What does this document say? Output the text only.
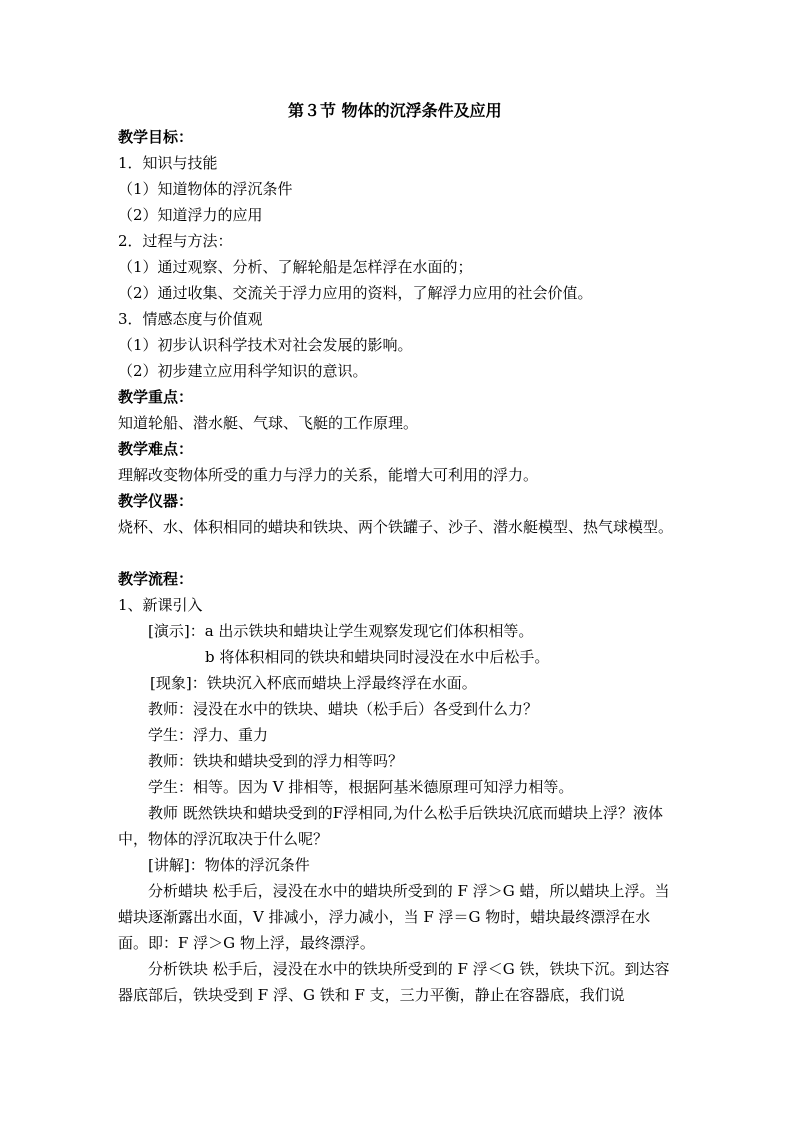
第３节 物体的沉浮条件及应用
教学目标：
1．知识与技能
（1）知道物体的浮沉条件
（2）知道浮力的应用
2．过程与方法：
（1）通过观察、分析、了解轮船是怎样浮在水面的；
（2）通过收集、交流关于浮力应用的资料，了解浮力应用的社会价值。
3．情感态度与价值观
（1）初步认识科学技术对社会发展的影响。
（2）初步建立应用科学知识的意识。
教学重点：
知道轮船、潜水艇、气球、飞艇的工作原理。
教学难点：
理解改变物体所受的重力与浮力的关系，能增大可利用的浮力。
教学仪器：
烧杯、水、体积相同的蜡块和铁块、两个铁罐子、沙子、潜水艇模型、热气球模型。
教学流程：
1、新课引入
[演示]：a 出示铁块和蜡块让学生观察发现它们体积相等。
b 将体积相同的铁块和蜡块同时浸没在水中后松手。
[现象]：铁块沉入杯底而蜡块上浮最终浮在水面。
教师：浸没在水中的铁块、蜡块（松手后）各受到什么力？
学生：浮力、重力
教师：铁块和蜡块受到的浮力相等吗？
学生：相等。因为 V 排相等，根据阿基米德原理可知浮力相等。
教师 既然铁块和蜡块受到的F浮相同,为什么松手后铁块沉底而蜡块上浮？液体中，物体的浮沉取决于什么呢？
[讲解]：物体的浮沉条件
分析蜡块 松手后，浸没在水中的蜡块所受到的 F 浮＞G 蜡，所以蜡块上浮。当蜡块逐渐露出水面，V 排减小，浮力减小，当 F 浮＝G 物时，蜡块最终漂浮在水面。即：F 浮＞G 物上浮，最终漂浮。
分析铁块 松手后，浸没在水中的铁块所受到的 F 浮＜G 铁，铁块下沉。到达容器底部后，铁块受到 F 浮、G 铁和 F 支，三力平衡，静止在容器底，我们说
